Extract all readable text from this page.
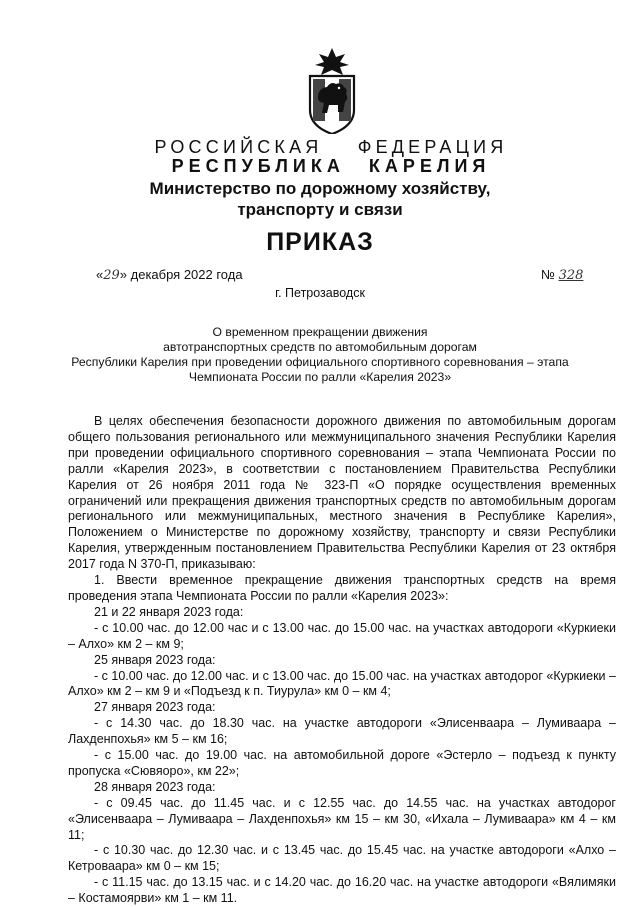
РОССИЙСКАЯ ФЕДЕРАЦИЯ
РЕСПУБЛИКА КАРЕЛИЯ
Министерство по дорожному хозяйству,
транспорту и связи
ПРИКАЗ
«29» декабря 2022 года	№ 328
г. Петрозаводск
О временном прекращении движения
автотранспортных средств по автомобильным дорогам
Республики Карелия при проведении официального спортивного соревнования – этапа
Чемпионата России по ралли «Карелия 2023»

В целях обеспечения безопасности дорожного движения по автомобильным дорогам общего пользования регионального или межмуниципального значения Республики Карелия при проведении официального спортивного соревнования – этапа Чемпионата России по ралли «Карелия 2023», в соответствии с постановлением Правительства Республики Карелия от 26 ноября 2011 года № 323-П «О порядке осуществления временных ограничений или прекращения движения транспортных средств по автомобильным дорогам регионального или межмуниципальных, местного значения в Республике Карелия», Положением о Министерстве по дорожному хозяйству, транспорту и связи Республики Карелия, утвержденным постановлением Правительства Республики Карелия от 23 октября 2017 года N 370-П, приказываю:

1. Ввести временное прекращение движения транспортных средств на время проведения этапа Чемпионата России по ралли «Карелия 2023»:

21 и 22 января 2023 года:

- с 10.00 час. до 12.00 час и с 13.00 час. до 15.00 час. на участках автодороги «Куркиеки – Алхо» км 2 – км 9;

25 января 2023 года:

- с 10.00 час. до 12.00 час. и с 13.00 час. до 15.00 час. на участках автодорог «Куркиеки – Алхо» км 2 – км 9 и «Подъезд к п. Тиурула» км 0 – км 4;

27 января 2023 года:

- с 14.30 час. до 18.30 час. на участке автодороги «Элисенваара – Лумиваара – Лахденпохья» км 5 – км 16;

- с 15.00 час. до 19.00 час. на автомобильной дороге «Эстерло – подъезд к пункту пропуска «Сювяоро», км 22»;

28 января 2023 года:

- с 09.45 час. до 11.45 час. и с 12.55 час. до 14.55 час. на участках автодорог «Элисенваара – Лумиваара – Лахденпохья» км 15 – км 30, «Ихала – Лумиваара» км 4 – км 11;

- с 10.30 час. до 12.30 час. и с 13.45 час. до 15.45 час. на участке автодороги «Алхо – Кетроваара» км 0 – км 15;

- с 11.15 час. до 13.15 час. и с 14.20 час. до 16.20 час. на участке автодороги «Вялимяки – Костамоярви» км 1 – км 11.
